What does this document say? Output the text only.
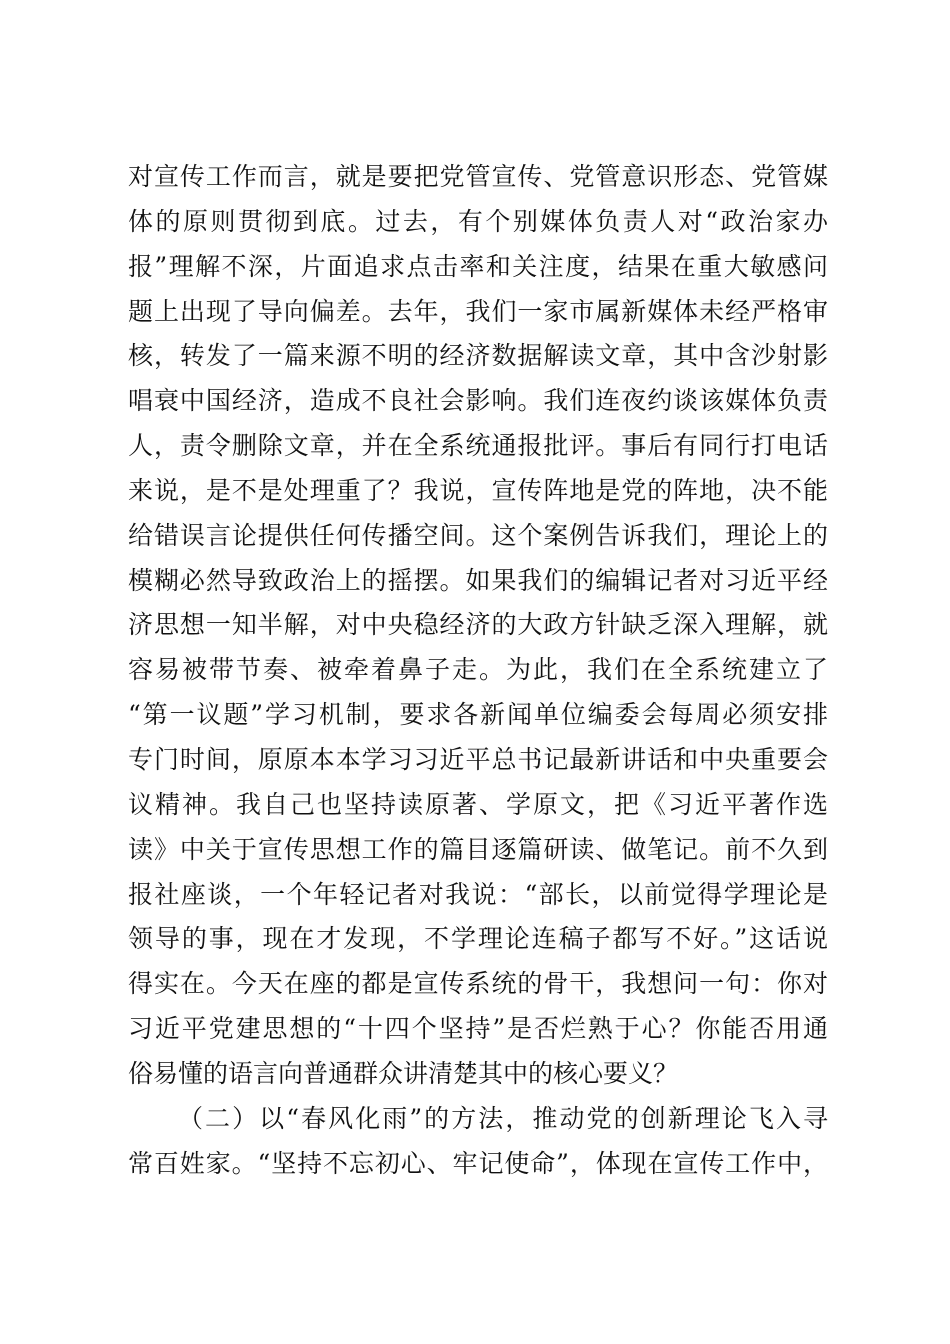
对宣传工作而言，就是要把党管宣传、党管意识形态、党管媒
体的原则贯彻到底。过去，有个别媒体负责人对“政治家办
报”理解不深，片面追求点击率和关注度，结果在重大敏感问
题上出现了导向偏差。去年，我们一家市属新媒体未经严格审
核，转发了一篇来源不明的经济数据解读文章，其中含沙射影
唱衰中国经济，造成不良社会影响。我们连夜约谈该媒体负责
人，责令删除文章，并在全系统通报批评。事后有同行打电话
来说，是不是处理重了？我说，宣传阵地是党的阵地，决不能
给错误言论提供任何传播空间。这个案例告诉我们，理论上的
模糊必然导致政治上的摇摆。如果我们的编辑记者对习近平经
济思想一知半解，对中央稳经济的大政方针缺乏深入理解，就
容易被带节奏、被牵着鼻子走。为此，我们在全系统建立了
“第一议题”学习机制，要求各新闻单位编委会每周必须安排
专门时间，原原本本学习习近平总书记最新讲话和中央重要会
议精神。我自己也坚持读原著、学原文，把《习近平著作选
读》中关于宣传思想工作的篇目逐篇研读、做笔记。前不久到
报社座谈，一个年轻记者对我说：“部长，以前觉得学理论是
领导的事，现在才发现，不学理论连稿子都写不好。”这话说
得实在。今天在座的都是宣传系统的骨干，我想问一句：你对
习近平党建思想的“十四个坚持”是否烂熟于心？你能否用通
俗易懂的语言向普通群众讲清楚其中的核心要义？
（二）以“春风化雨”的方法，推动党的创新理论飞入寻
常百姓家。“坚持不忘初心、牢记使命”，体现在宣传工作中，
